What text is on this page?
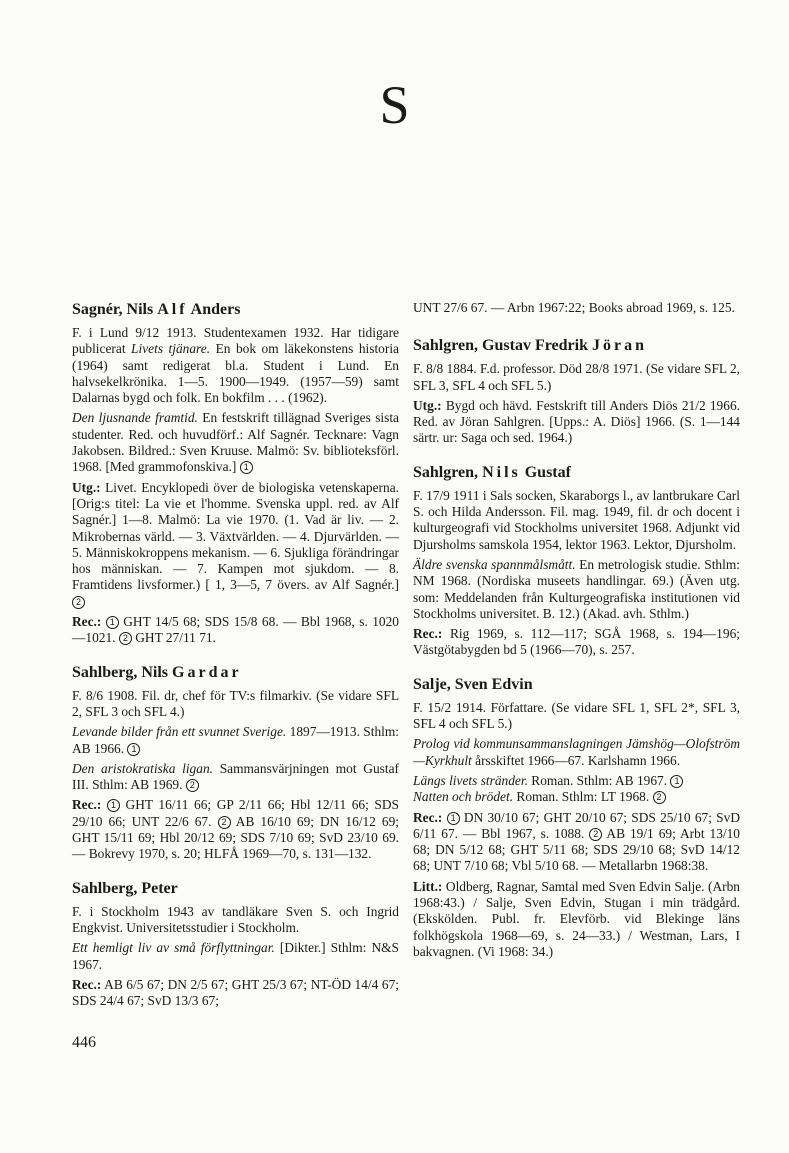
S
Sagnér, Nils Alf Anders

F. i Lund 9/12 1913. Studentexamen 1932. Har tidigare publicerat Livets tjänare. En bok om läkekonstens historia (1964) samt redigerat bl.a. Student i Lund. En halvsekelkrönika. 1—5. 1900—1949. (1957—59) samt Dalarnas bygd och folk. En bokfilm . . . (1962).

Den ljusnande framtid. En festskrift tillägnad Sveriges sista studenter. Red. och huvudförf.: Alf Sagnér. Tecknare: Vagn Jakobsen. Bildred.: Sven Kruuse. Malmö: Sv. biblioteksförl. 1968. [Med grammofonskiva.] 1

Utg.: Livet. Encyklopedi över de biologiska vetenskaperna. [Orig:s titel: La vie et l'homme. Svenska uppl. red. av Alf Sagnér.] 1—8. Malmö: La vie 1970. (1. Vad är liv. — 2. Mikrobernas värld. — 3. Växtvärlden. — 4. Djurvärlden. — 5. Människokroppens mekanism. — 6. Sjukliga förändringar hos människan. — 7. Kampen mot sjukdom. — 8. Framtidens livsformer.) [ 1, 3—5, 7 övers. av Alf Sagnér.] 2

Rec.: 1 GHT 14/5 68; SDS 15/8 68. — Bbl 1968, s. 1020—1021. 2 GHT 27/11 71.

Sahlberg, Nils Gardar

F. 8/6 1908. Fil. dr, chef för TV:s filmarkiv. (Se vidare SFL 2, SFL 3 och SFL 4.)

Levande bilder från ett svunnet Sverige. 1897—1913. Sthlm: AB 1966. 1

Den aristokratiska ligan. Sammansvärjningen mot Gustaf III. Sthlm: AB 1969. 2

Rec.: 1 GHT 16/11 66; GP 2/11 66; Hbl 12/11 66; SDS 29/10 66; UNT 22/6 67. 2 AB 16/10 69; DN 16/12 69; GHT 15/11 69; Hbl 20/12 69; SDS 7/10 69; SvD 23/10 69. — Bokrevy 1970, s. 20; HLFÅ 1969—70, s. 131—132.

Sahlberg, Peter

F. i Stockholm 1943 av tandläkare Sven S. och Ingrid Engkvist. Universitetsstudier i Stockholm.

Ett hemligt liv av små förflyttningar. [Dikter.] Sthlm: N&S 1967.

Rec.: AB 6/5 67; DN 2/5 67; GHT 25/3 67; NT-ÖD 14/4 67; SDS 24/4 67; SvD 13/3 67;

UNT 27/6 67. — Arbn 1967:22; Books abroad 1969, s. 125.

Sahlgren, Gustav Fredrik Jöran

F. 8/8 1884. F.d. professor. Död 28/8 1971. (Se vidare SFL 2, SFL 3, SFL 4 och SFL 5.)

Utg.: Bygd och hävd. Festskrift till Anders Diös 21/2 1966. Red. av Jöran Sahlgren. [Upps.: A. Diös] 1966. (S. 1—144 särtr. ur: Saga och sed. 1964.)

Sahlgren, Nils Gustaf

F. 17/9 1911 i Sals socken, Skaraborgs l., av lantbrukare Carl S. och Hilda Andersson. Fil. mag. 1949, fil. dr och docent i kulturgeografi vid Stockholms universitet 1968. Adjunkt vid Djursholms samskola 1954, lektor 1963. Lektor, Djursholm.

Äldre svenska spannmålsmått. En metrologisk studie. Sthlm: NM 1968. (Nordiska museets handlingar. 69.) (Även utg. som: Meddelanden från Kulturgeografiska institutionen vid Stockholms universitet. B. 12.) (Akad. avh. Sthlm.)

Rec.: Rig 1969, s. 112—117; SGÅ 1968, s. 194—196; Västgötabygden bd 5 (1966—70), s. 257.

Salje, Sven Edvin

F. 15/2 1914. Författare. (Se vidare SFL 1, SFL 2*, SFL 3, SFL 4 och SFL 5.)

Prolog vid kommunsammanslagningen Jämshög—Olofström—Kyrkhult årsskiftet 1966—67. Karlshamn 1966.

Längs livets stränder. Roman. Sthlm: AB 1967. 1

Natten och brödet. Roman. Sthlm: LT 1968. 2

Rec.: 1 DN 30/10 67; GHT 20/10 67; SDS 25/10 67; SvD 6/11 67. — Bbl 1967, s. 1088. 2 AB 19/1 69; Arbt 13/10 68; DN 5/12 68; GHT 5/11 68; SDS 29/10 68; SvD 14/12 68; UNT 7/10 68; Vbl 5/10 68. — Metallarbn 1968:38.

Litt.: Oldberg, Ragnar, Samtal med Sven Edvin Salje. (Arbn 1968:43.) / Salje, Sven Edvin, Stugan i min trädgård. (Ekskölden. Publ. fr. Elevförb. vid Blekinge läns folkhögskola 1968—69, s. 24—33.) / Westman, Lars, I bakvagnen. (Vi 1968: 34.)

446
